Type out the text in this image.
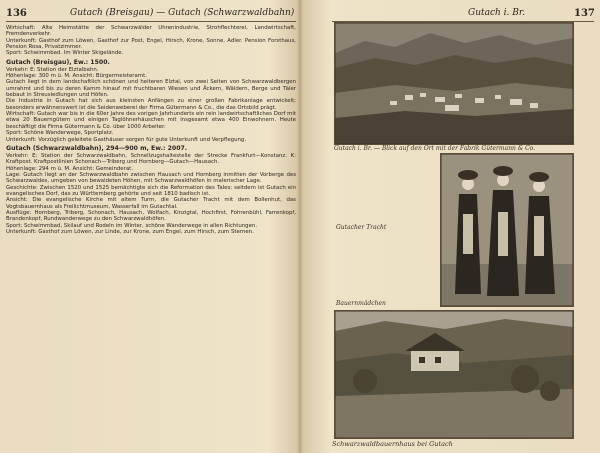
136	Gutach (Breisgau) — Gutach (Schwarzwaldbahn)

Wirtschaft: Alte Heimstätte der Schwarzwälder Uhrenindustrie, Strohflechterei, Landwirtschaft, Fremdenverkehr.

Unterkunft: Gasthof zum Löwen, Gasthof zur Post, Engel, Hirsch, Krone, Sonne, Adler. Pension Forsthaus, Pension Rosa, Privatzimmer.

Sport: Schwimmbad. Im Winter Skigelände.

Gutach (Breisgau), Ew.: 1500.

Verkehr: E: Station der Elztalbahn.

Höhenlage: 300 m ü. M. Ansicht: Bürgermeisteramt.

Gutach liegt in dem landschaftlich schönen und heiteren Elztal, von zwei Seiten von Schwarzwaldbergen umrahmt und bis zu deren Kamm hinauf mit fruchtbaren Wiesen und Äckern, Wäldern, Berge und Täler bebaut in Streusiedlungen und Höfen.

Die Industrie in Gutach hat sich aus kleinsten Anfängen zu einer großen Fabrikanlage entwickelt; besonders erwähnenswert ist die Seidenweberei der Firma Gütermann & Co., die das Ortsbild prägt.

Wirtschaft: Gutach war bis in die 60er Jahre des vorigen Jahrhunderts ein rein landwirtschaftliches Dorf mit etwa 20 Bauerngütern und einigen Taglöhnerhäuschen mit insgesamt etwa 400 Einwohnern. Heute beschäftigt die Firma Gütermann & Co. über 1000 Arbeiter.

Sport: Schöne Wanderwege, Sportplatz.

Unterkunft: Vorzüglich geleitete Gasthäuser sorgen für gute Unterkunft und Verpflegung.

Gutach (Schwarzwaldbahn), 294—900 m, Ew.: 2007.

Verkehr: E: Station der Schwarzwaldbahn, Schnellzugshaltestelle der Strecke Frankfurt—Konstanz. K: Kraftpost. Kraftpostlinien Schonach—Triberg und Hornberg—Gutach—Hausach.

Höhenlage: 294 m ü. M. Ansicht: Gemeinderat.

Lage: Gutach liegt an der Schwarzwaldbahn zwischen Hausach und Hornberg inmitten der Vorberge des Schwarzwaldes, umgeben von bewaldeten Höhen, mit Schwarzwaldhöfen in malerischer Lage.

Geschichte: Zwischen 1520 und 1525 bemächtigte sich die Reformation des Tales; seitdem ist Gutach ein evangelisches Dorf, das zu Württemberg gehörte und seit 1810 badisch ist.

Ansicht: Die evangelische Kirche mit altem Turm, die Gutacher Tracht mit dem Bollenhut, das Vogtsbauernhaus als Freilichtmuseum, Wasserfall im Gutachtal.

Ausflüge: Hornberg, Triberg, Schonach, Hausach, Wolfach, Kinzigtal, Hochfirst, Fohrenbühl, Farrenkopf, Brandenkopf, Rundwanderwege zu den Schwarzwaldhöfen.

Sport: Schwimmbad, Skilauf und Rodeln im Winter, schöne Wanderwege in allen Richtungen.

Unterkunft: Gasthof zum Löwen, zur Linde, zur Krone, zum Engel, zum Hirsch, zum Sternen.

Gutach i. Br.	137
Gutach i. Br. — Blick auf den Ort mit der Fabrik Gütermann & Co.
Gutacher Tracht
Bauernmädchen
Schwarzwaldbauernhaus bei Gutach
